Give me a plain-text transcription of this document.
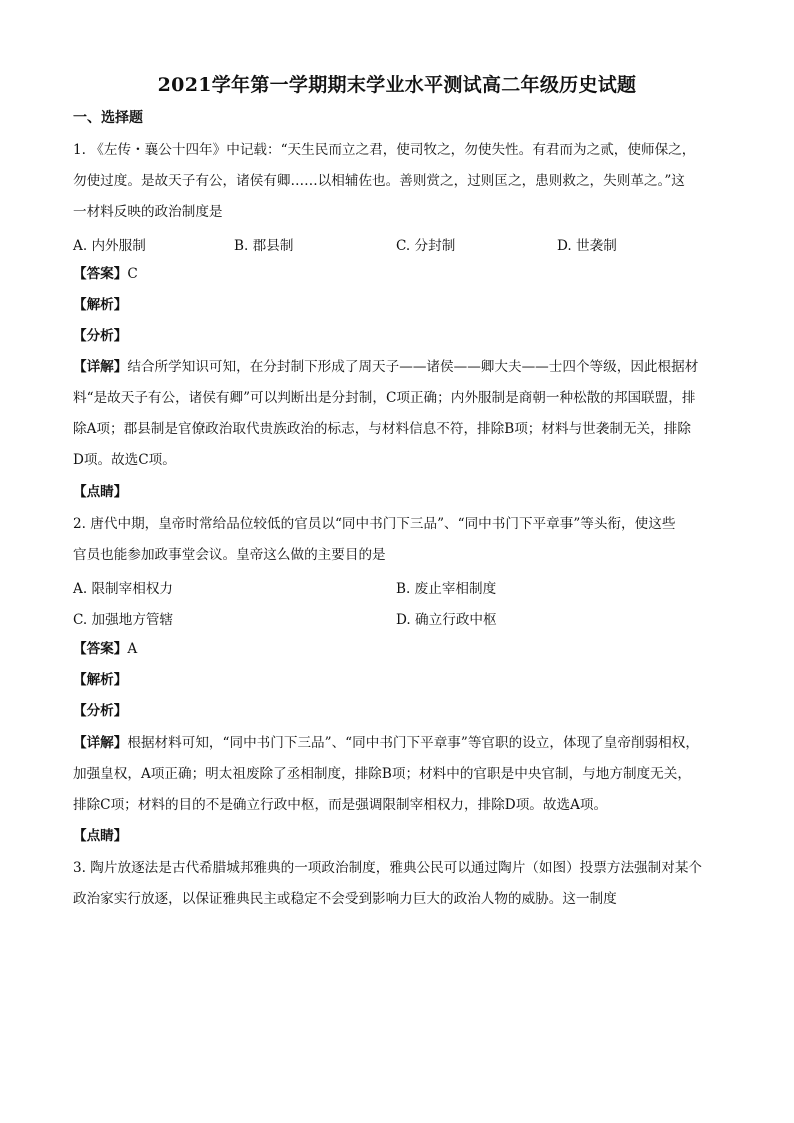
2021学年第一学期期末学业水平测试高二年级历史试题
一、选择题
1. 《左传・襄公十四年》中记载：“天生民而立之君，使司牧之，勿使失性。有君而为之贰，使师保之，
勿使过度。是故天子有公，诸侯有卿……以相辅佐也。善则赏之，过则匡之，患则救之，失则革之。”这
一材料反映的政治制度是
A. 内外服制	B. 郡县制	C. 分封制	D. 世袭制
【答案】C
【解析】
【分析】
【详解】结合所学知识可知，在分封制下形成了周天子——诸侯——卿大夫——士四个等级，因此根据材
料“是故天子有公，诸侯有卿”可以判断出是分封制，C项正确；内外服制是商朝一种松散的邦国联盟，排
除A项；郡县制是官僚政治取代贵族政治的标志，与材料信息不符，排除B项；材料与世袭制无关，排除
D项。故选C项。
【点睛】
2. 唐代中期，皇帝时常给品位较低的官员以“同中书门下三品”、“同中书门下平章事”等头衔，使这些
官员也能参加政事堂会议。皇帝这么做的主要目的是
A. 限制宰相权力	B. 废止宰相制度
C. 加强地方管辖	D. 确立行政中枢
【答案】A
【解析】
【分析】
【详解】根据材料可知，“同中书门下三品”、“同中书门下平章事”等官职的设立，体现了皇帝削弱相权，
加强皇权，A项正确；明太祖废除了丞相制度，排除B项；材料中的官职是中央官制，与地方制度无关，
排除C项；材料的目的不是确立行政中枢，而是强调限制宰相权力，排除D项。故选A项。
【点睛】
3. 陶片放逐法是古代希腊城邦雅典的一项政治制度，雅典公民可以通过陶片（如图）投票方法强制对某个
政治家实行放逐，以保证雅典民主或稳定不会受到影响力巨大的政治人物的威胁。这一制度
